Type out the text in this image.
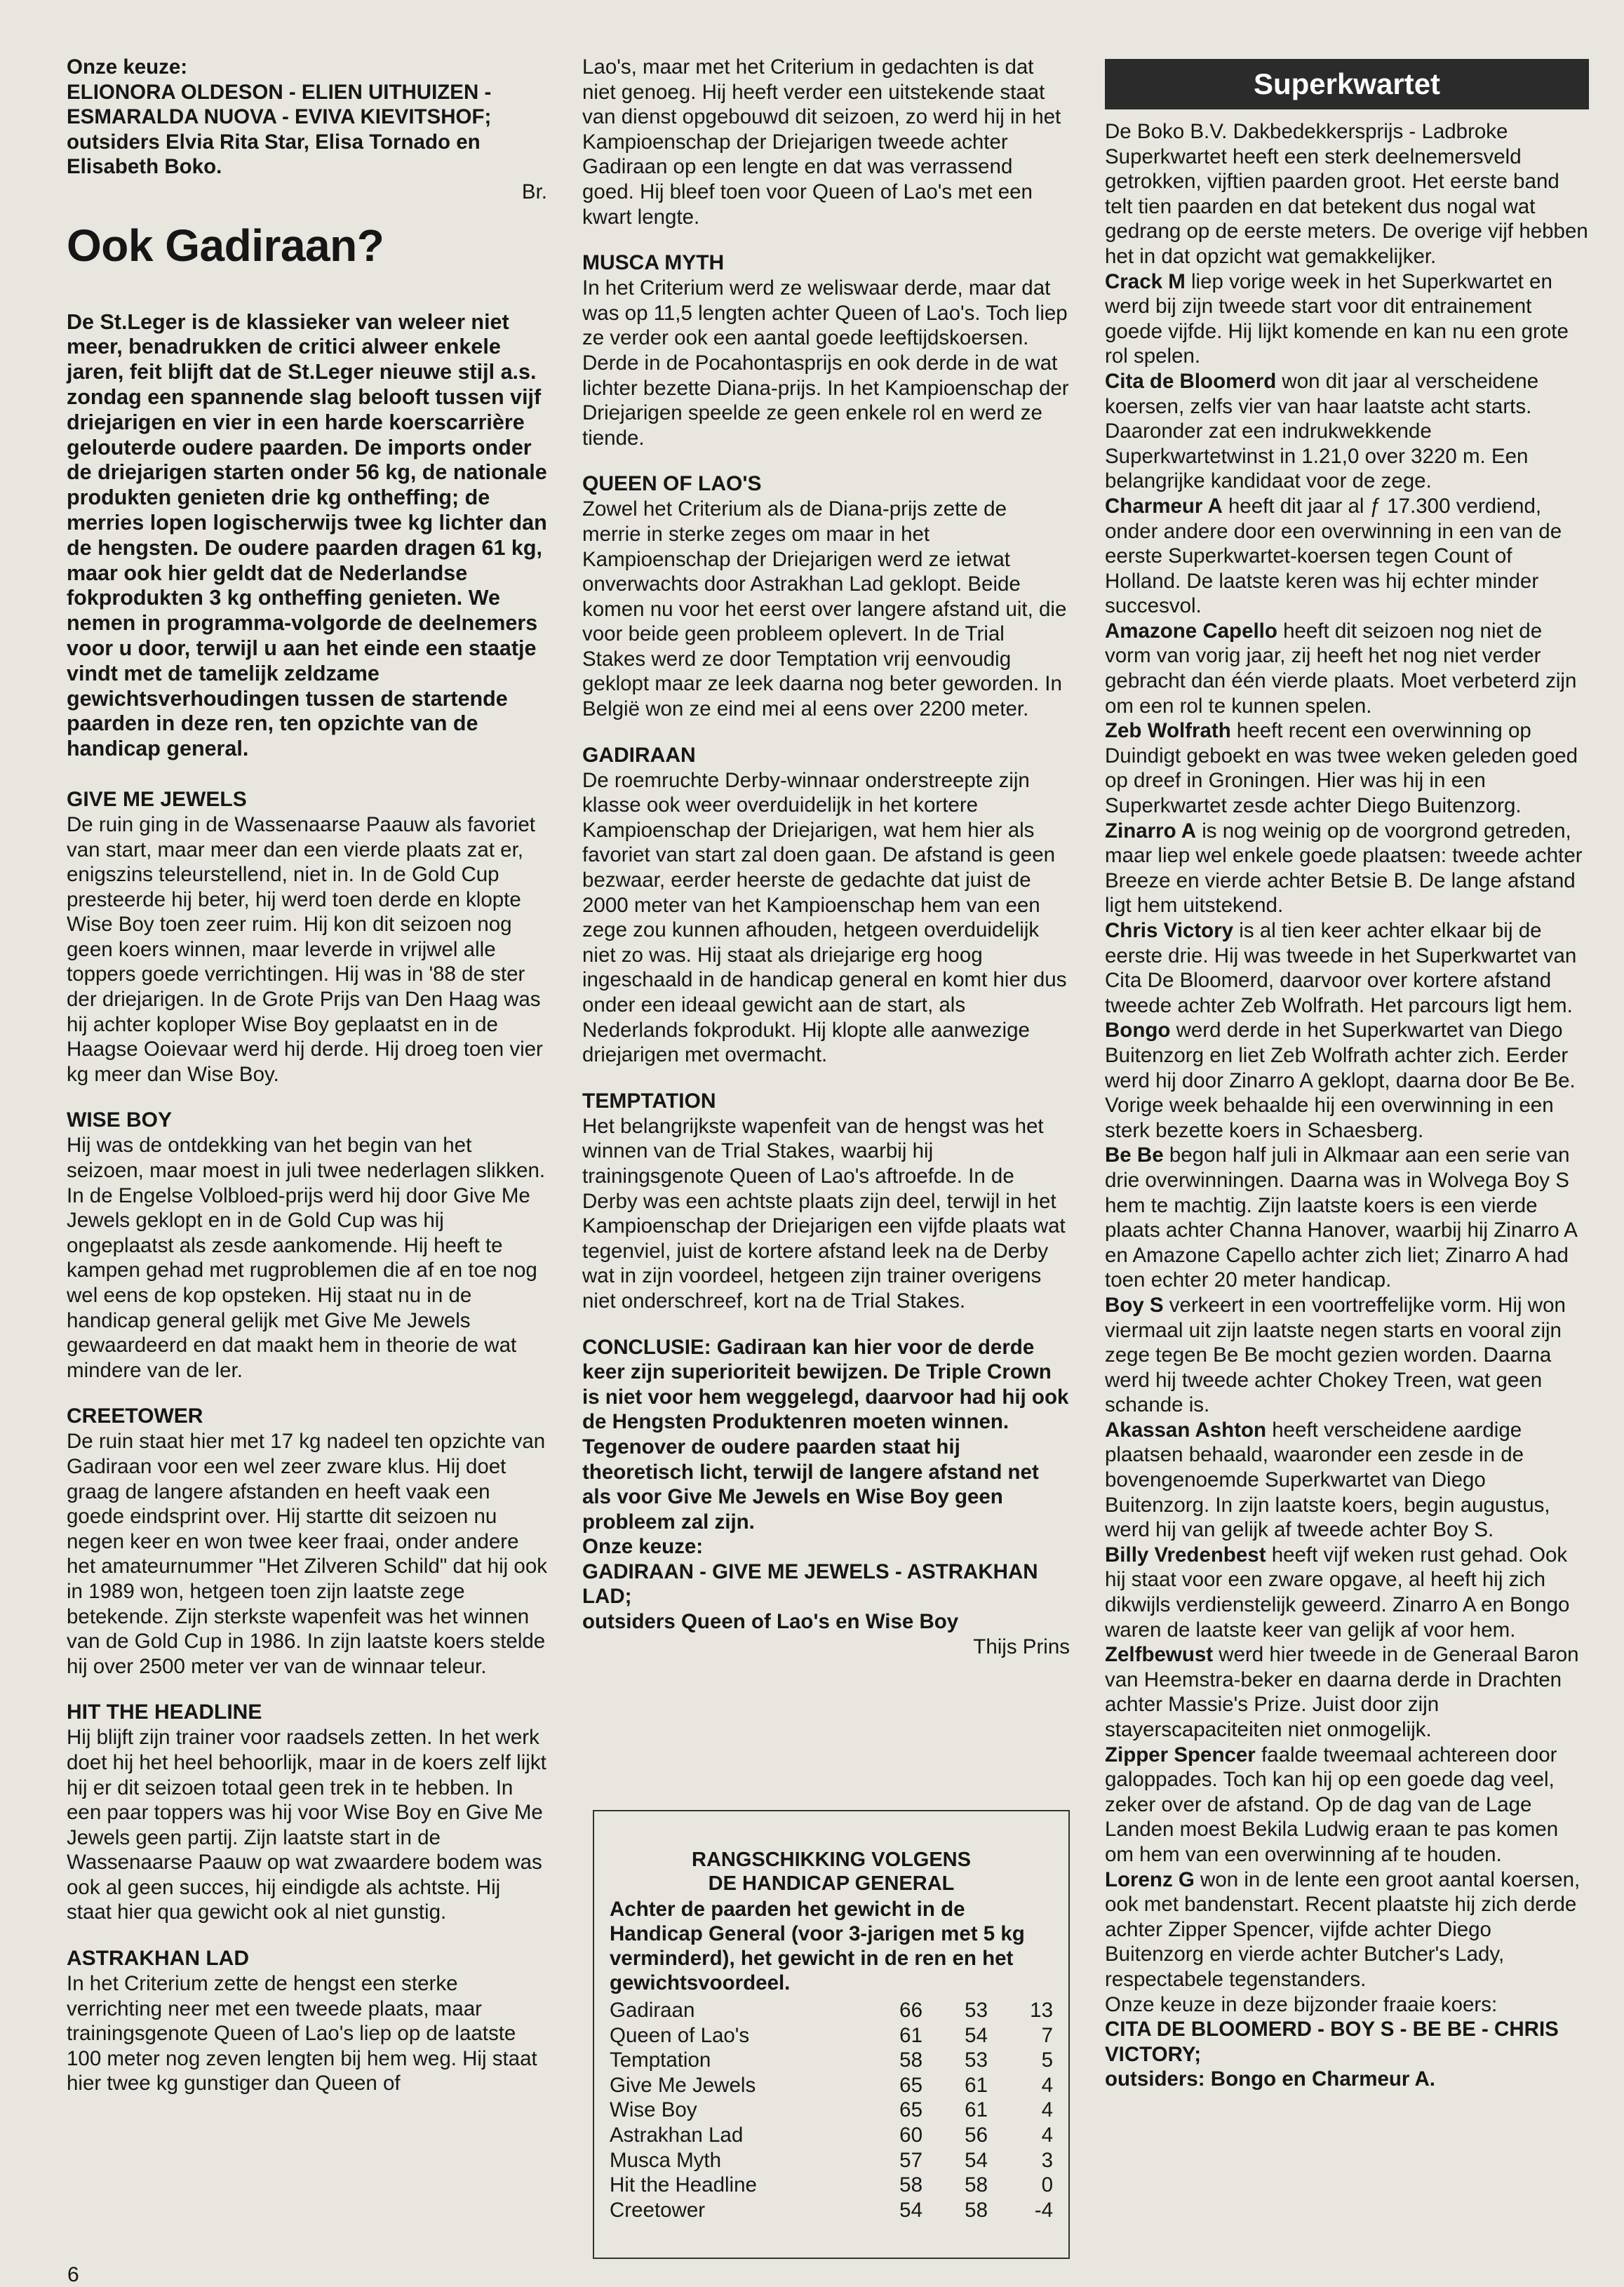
Onze keuze:
ELIONORA OLDESON - ELIEN UITHUIZEN - ESMARALDA NUOVA - EVIVA KIEVITSHOF;
outsiders Elvia Rita Star, Elisa Tornado en Elisabeth Boko.
Br.
Ook Gadiraan?

De St.Leger is de klassieker van weleer niet meer, benadrukken de critici alweer enkele jaren, feit blijft dat de St.Leger nieuwe stijl a.s. zondag een spannende slag belooft tussen vijf driejarigen en vier in een harde koerscarrière gelouterde oudere paarden. De imports onder de driejarigen starten onder 56 kg, de nationale produkten genieten drie kg ontheffing; de merries lopen logischerwijs twee kg lichter dan de hengsten. De oudere paarden dragen 61 kg, maar ook hier geldt dat de Nederlandse fokprodukten 3 kg ontheffing genieten. We nemen in programma-volgorde de deelnemers voor u door, terwijl u aan het einde een staatje vindt met de tamelijk zeldzame gewichtsverhoudingen tussen de startende paarden in deze ren, ten opzichte van de handicap general.

GIVE ME JEWELS

De ruin ging in de Wassenaarse Paauw als favoriet van start, maar meer dan een vierde plaats zat er, enigszins teleurstellend, niet in. In de Gold Cup presteerde hij beter, hij werd toen derde en klopte Wise Boy toen zeer ruim. Hij kon dit seizoen nog geen koers winnen, maar leverde in vrijwel alle toppers goede verrichtingen. Hij was in '88 de ster der driejarigen. In de Grote Prijs van Den Haag was hij achter koploper Wise Boy geplaatst en in de Haagse Ooievaar werd hij derde. Hij droeg toen vier kg meer dan Wise Boy.

WISE BOY

Hij was de ontdekking van het begin van het seizoen, maar moest in juli twee nederlagen slikken. In de Engelse Volbloed-prijs werd hij door Give Me Jewels geklopt en in de Gold Cup was hij ongeplaatst als zesde aankomende. Hij heeft te kampen gehad met rugproblemen die af en toe nog wel eens de kop opsteken. Hij staat nu in de handicap general gelijk met Give Me Jewels gewaardeerd en dat maakt hem in theorie de wat mindere van de ler.

CREETOWER

De ruin staat hier met 17 kg nadeel ten opzichte van Gadiraan voor een wel zeer zware klus. Hij doet graag de langere afstanden en heeft vaak een goede eindsprint over. Hij startte dit seizoen nu negen keer en won twee keer fraai, onder andere het amateurnummer "Het Zilveren Schild" dat hij ook in 1989 won, hetgeen toen zijn laatste zege betekende. Zijn sterkste wapenfeit was het winnen van de Gold Cup in 1986. In zijn laatste koers stelde hij over 2500 meter ver van de winnaar teleur.

HIT THE HEADLINE

Hij blijft zijn trainer voor raadsels zetten. In het werk doet hij het heel behoorlijk, maar in de koers zelf lijkt hij er dit seizoen totaal geen trek in te hebben. In een paar toppers was hij voor Wise Boy en Give Me Jewels geen partij. Zijn laatste start in de Wassenaarse Paauw op wat zwaardere bodem was ook al geen succes, hij eindigde als achtste. Hij staat hier qua gewicht ook al niet gunstig.

ASTRAKHAN LAD

In het Criterium zette de hengst een sterke verrichting neer met een tweede plaats, maar trainingsgenote Queen of Lao's liep op de laatste 100 meter nog zeven lengten bij hem weg. Hij staat hier twee kg gunstiger dan Queen of

Lao's, maar met het Criterium in gedachten is dat niet genoeg. Hij heeft verder een uitstekende staat van dienst opgebouwd dit seizoen, zo werd hij in het Kampioenschap der Driejarigen tweede achter Gadiraan op een lengte en dat was verrassend goed. Hij bleef toen voor Queen of Lao's met een kwart lengte.

MUSCA MYTH

In het Criterium werd ze weliswaar derde, maar dat was op 11,5 lengten achter Queen of Lao's. Toch liep ze verder ook een aantal goede leeftijdskoersen. Derde in de Pocahontasprijs en ook derde in de wat lichter bezette Diana-prijs. In het Kampioenschap der Driejarigen speelde ze geen enkele rol en werd ze tiende.

QUEEN OF LAO'S

Zowel het Criterium als de Diana-prijs zette de merrie in sterke zeges om maar in het Kampioenschap der Driejarigen werd ze ietwat onverwachts door Astrakhan Lad geklopt. Beide komen nu voor het eerst over langere afstand uit, die voor beide geen probleem oplevert. In de Trial Stakes werd ze door Temptation vrij eenvoudig geklopt maar ze leek daarna nog beter geworden. In België won ze eind mei al eens over 2200 meter.

GADIRAAN

De roemruchte Derby-winnaar onderstreepte zijn klasse ook weer overduidelijk in het kortere Kampioenschap der Driejarigen, wat hem hier als favoriet van start zal doen gaan. De afstand is geen bezwaar, eerder heerste de gedachte dat juist de 2000 meter van het Kampioenschap hem van een zege zou kunnen afhouden, hetgeen overduidelijk niet zo was. Hij staat als driejarige erg hoog ingeschaald in de handicap general en komt hier dus onder een ideaal gewicht aan de start, als Nederlands fokprodukt. Hij klopte alle aanwezige driejarigen met overmacht.

TEMPTATION

Het belangrijkste wapenfeit van de hengst was het winnen van de Trial Stakes, waarbij hij trainingsgenote Queen of Lao's aftroefde. In de Derby was een achtste plaats zijn deel, terwijl in het Kampioenschap der Driejarigen een vijfde plaats wat tegenviel, juist de kortere afstand leek na de Derby wat in zijn voordeel, hetgeen zijn trainer overigens niet onderschreef, kort na de Trial Stakes.

CONCLUSIE: Gadiraan kan hier voor de derde keer zijn superioriteit bewijzen. De Triple Crown is niet voor hem weggelegd, daarvoor had hij ook de Hengsten Produktenren moeten winnen. Tegenover de oudere paarden staat hij theoretisch licht, terwijl de langere afstand net als voor Give Me Jewels en Wise Boy geen probleem zal zijn.

Onze keuze:
GADIRAAN - GIVE ME JEWELS - ASTRAKHAN LAD;
outsiders Queen of Lao's en Wise Boy
Thijs Prins
RANGSCHIKKING VOLGENS
DE HANDICAP GENERAL
Achter de paarden het gewicht in de Handicap General (voor 3-jarigen met 5 kg verminderd), het gewicht in de ren en het gewichtsvoordeel.
Gadiraan	66	53	13
Queen of Lao's	61	54	7
Temptation	58	53	5
Give Me Jewels	65	61	4
Wise Boy	65	61	4
Astrakhan Lad	60	56	4
Musca Myth	57	54	3
Hit the Headline	58	58	0
Creetower	54	58	-4
Superkwartet

De Boko B.V. Dakbedekkersprijs - Ladbroke Superkwartet heeft een sterk deelnemersveld getrokken, vijftien paarden groot. Het eerste band telt tien paarden en dat betekent dus nogal wat gedrang op de eerste meters. De overige vijf hebben het in dat opzicht wat gemakkelijker.

Crack M liep vorige week in het Superkwartet en werd bij zijn tweede start voor dit entrainement goede vijfde. Hij lijkt komende en kan nu een grote rol spelen.

Cita de Bloomerd won dit jaar al verscheidene koersen, zelfs vier van haar laatste acht starts. Daaronder zat een indrukwekkende Superkwartetwinst in 1.21,0 over 3220 m. Een belangrijke kandidaat voor de zege.

Charmeur A heeft dit jaar al ƒ 17.300 verdiend, onder andere door een overwinning in een van de eerste Superkwartet-koersen tegen Count of Holland. De laatste keren was hij echter minder succesvol.

Amazone Capello heeft dit seizoen nog niet de vorm van vorig jaar, zij heeft het nog niet verder gebracht dan één vierde plaats. Moet verbeterd zijn om een rol te kunnen spelen.

Zeb Wolfrath heeft recent een overwinning op Duindigt geboekt en was twee weken geleden goed op dreef in Groningen. Hier was hij in een Superkwartet zesde achter Diego Buitenzorg.

Zinarro A is nog weinig op de voorgrond getreden, maar liep wel enkele goede plaatsen: tweede achter Breeze en vierde achter Betsie B. De lange afstand ligt hem uitstekend.

Chris Victory is al tien keer achter elkaar bij de eerste drie. Hij was tweede in het Superkwartet van Cita De Bloomerd, daarvoor over kortere afstand tweede achter Zeb Wolfrath. Het parcours ligt hem.

Bongo werd derde in het Superkwartet van Diego Buitenzorg en liet Zeb Wolfrath achter zich. Eerder werd hij door Zinarro A geklopt, daarna door Be Be. Vorige week behaalde hij een overwinning in een sterk bezette koers in Schaesberg.

Be Be begon half juli in Alkmaar aan een serie van drie overwinningen. Daarna was in Wolvega Boy S hem te machtig. Zijn laatste koers is een vierde plaats achter Channa Hanover, waarbij hij Zinarro A en Amazone Capello achter zich liet; Zinarro A had toen echter 20 meter handicap.

Boy S verkeert in een voortreffelijke vorm. Hij won viermaal uit zijn laatste negen starts en vooral zijn zege tegen Be Be mocht gezien worden. Daarna werd hij tweede achter Chokey Treen, wat geen schande is.

Akassan Ashton heeft verscheidene aardige plaatsen behaald, waaronder een zesde in de bovengenoemde Superkwartet van Diego Buitenzorg. In zijn laatste koers, begin augustus, werd hij van gelijk af tweede achter Boy S.

Billy Vredenbest heeft vijf weken rust gehad. Ook hij staat voor een zware opgave, al heeft hij zich dikwijls verdienstelijk geweerd. Zinarro A en Bongo waren de laatste keer van gelijk af voor hem.

Zelfbewust werd hier tweede in de Generaal Baron van Heemstra-beker en daarna derde in Drachten achter Massie's Prize. Juist door zijn stayerscapaciteiten niet onmogelijk.

Zipper Spencer faalde tweemaal achtereen door galoppades. Toch kan hij op een goede dag veel, zeker over de afstand. Op de dag van de Lage Landen moest Bekila Ludwig eraan te pas komen om hem van een overwinning af te houden.

Lorenz G won in de lente een groot aantal koersen, ook met bandenstart. Recent plaatste hij zich derde achter Zipper Spencer, vijfde achter Diego Buitenzorg en vierde achter Butcher's Lady, respectabele tegenstanders.

Onze keuze in deze bijzonder fraaie koers:
CITA DE BLOOMERD - BOY S - BE BE - CHRIS VICTORY;
outsiders: Bongo en Charmeur A.
6
